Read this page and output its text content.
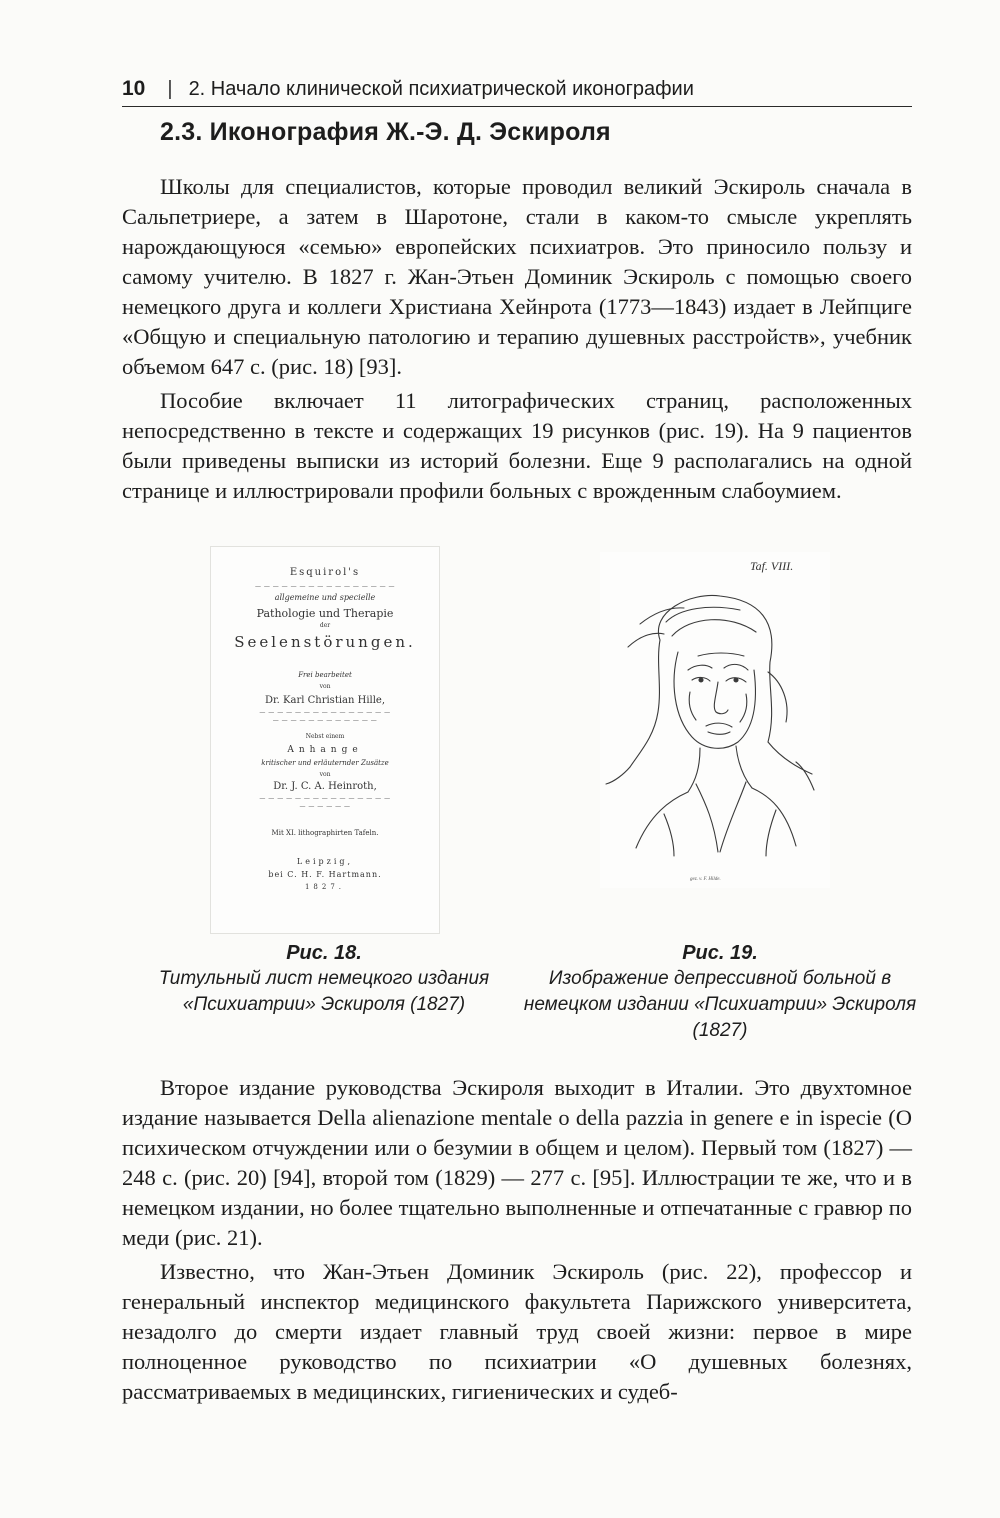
10 | 2. Начало клинической психиатрической иконографии
2.3. Иконография Ж.-Э. Д. Эскироля

Школы для специалистов, которые проводил великий Эскироль сначала в Сальпетриере, а затем в Шаротоне, стали в каком-то смысле укреплять нарождающуюся «семью» европейских психиатров. Это приносило пользу и самому учителю. В 1827 г. Жан-Этьен Доминик Эскироль с помощью своего немецкого друга и коллеги Христиана Хейнрота (1773—1843) издает в Лейпциге «Общую и специальную патологию и терапию душевных расстройств», учебник объемом 647 с. (рис. 18) [93].

Пособие включает 11 литографических страниц, расположенных непосредственно в тексте и содержащих 19 рисунков (рис. 19). На 9 пациентов были приведены выписки из историй болезни. Еще 9 располагались на одной странице и иллюстрировали профили больных с врожденным слабоумием.

Esquirol's
— — — — — — — — — — — — — — — —
allgemeine und specielle
Pathologie und Therapie
der
Seelenstörungen.
Frei bearbeitet
von
Dr. Karl Christian Hille,
— — — — — — — — — — — — — — —
— — — — — — — — — — — —
Nebst einem
Anhange
kritischer und erläuternder Zusätze
von
Dr. J. C. A. Heinroth,
— — — — — — — — — — — — — — —
— — — — — —
Mit XI. lithographirten Tafeln.
Leipzig,
bei C. H. F. Hartmann.
1827.
Taf. VIII.
gez. v. F. Hilde.
Рис. 18.
Титульный лист немецкого издания «Психиатрии» Эскироля (1827)
Рис. 19.
Изображение депрессивной больной в немецком издании «Психиатрии» Эскироля (1827)

Второе издание руководства Эскироля выходит в Италии. Это двухтомное издание называется Della alienazione mentale o della pazzia in genere e in ispecie (О психическом отчуждении или о безумии в общем и целом). Первый том (1827) — 248 с. (рис. 20) [94], второй том (1829) — 277 с. [95]. Иллюстрации те же, что и в немецком издании, но более тщательно выполненные и отпечатанные с гравюр по меди (рис. 21).

Известно, что Жан-Этьен Доминик Эскироль (рис. 22), профессор и генеральный инспектор медицинского факультета Парижского университета, незадолго до смерти издает главный труд своей жизни: первое в мире полноценное руководство по психиатрии «О душевных болезнях, рассматриваемых в медицинских, гигиенических и судеб-
